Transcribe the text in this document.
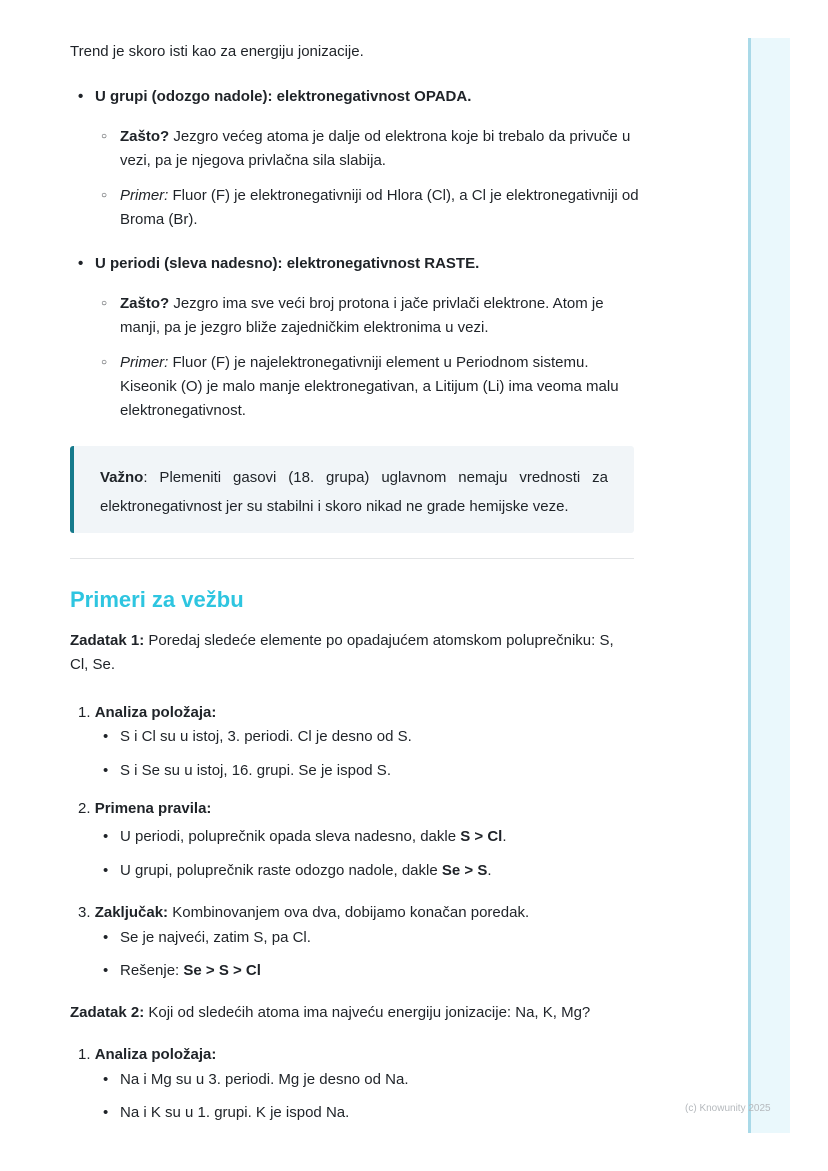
(c) Knowunity 2025
Trend je skoro isti kao za energiju jonizacije.
• U grupi (odozgo nadole): elektronegativnost OPADA.
○ Zašto? Jezgro većeg atoma je dalje od elektrona koje bi trebalo da privuče u vezi, pa je njegova privlačna sila slabija.
○ Primer: Fluor (F) je elektronegativniji od Hlora (Cl), a Cl je elektronegativniji od Broma (Br).
• U periodi (sleva nadesno): elektronegativnost RASTE.
○ Zašto? Jezgro ima sve veći broj protona i jače privlači elektrone. Atom je manji, pa je jezgro bliže zajedničkim elektronima u vezi.
○ Primer: Fluor (F) je najelektronegativniji element u Periodnom sistemu. Kiseonik (O) je malo manje elektronegativan, a Litijum (Li) ima veoma malu elektronegativnost.
Važno: Plemeniti gasovi (18. grupa) uglavnom nemaju vrednosti za elektronegativnost jer su stabilni i skoro nikad ne grade hemijske veze.
Primeri za vežbu
Zadatak 1: Poredaj sledeće elemente po opadajućem atomskom poluprečniku: S, Cl, Se.
1. Analiza položaja:
• S i Cl su u istoj, 3. periodi. Cl je desno od S.
• S i Se su u istoj, 16. grupi. Se je ispod S.
2. Primena pravila:
• U periodi, poluprečnik opada sleva nadesno, dakle S > Cl.
• U grupi, poluprečnik raste odozgo nadole, dakle Se > S.
3. Zaključak: Kombinovanjem ova dva, dobijamo konačan poredak.
• Se je najveći, zatim S, pa Cl.
• Rešenje: Se > S > Cl
Zadatak 2: Koji od sledećih atoma ima najveću energiju jonizacije: Na, K, Mg?
1. Analiza položaja:
• Na i Mg su u 3. periodi. Mg je desno od Na.
• Na i K su u 1. grupi. K je ispod Na.
